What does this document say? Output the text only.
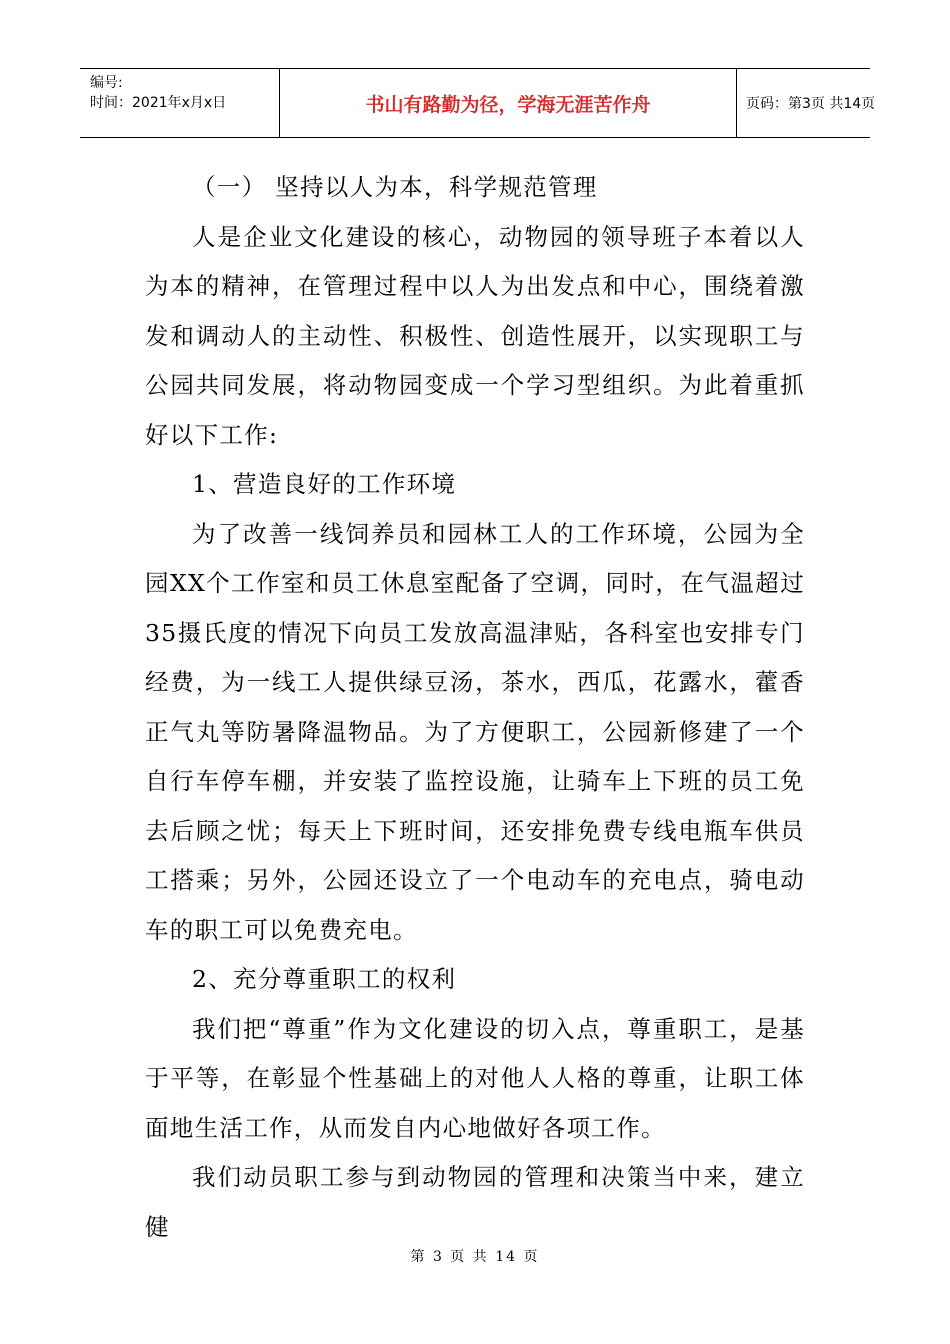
编号:
时间：2021年x月x日	书山有路勤为径，学海无涯苦作舟	页码：第3页 共14页

（一） 坚持以人为本，科学规范管理

人是企业文化建设的核心，动物园的领导班子本着以人为本的精神，在管理过程中以人为出发点和中心，围绕着激发和调动人的主动性、积极性、创造性展开，以实现职工与公园共同发展，将动物园变成一个学习型组织。为此着重抓好以下工作:

1、营造良好的工作环境

为了改善一线饲养员和园林工人的工作环境，公园为全园XX个工作室和员工休息室配备了空调，同时，在气温超过35摄氏度的情况下向员工发放高温津贴，各科室也安排专门经费，为一线工人提供绿豆汤，茶水，西瓜，花露水，藿香正气丸等防暑降温物品。为了方便职工，公园新修建了一个自行车停车棚，并安装了监控设施，让骑车上下班的员工免去后顾之忧；每天上下班时间，还安排免费专线电瓶车供员工搭乘；另外，公园还设立了一个电动车的充电点，骑电动车的职工可以免费充电。

2、充分尊重职工的权利

我们把“尊重”作为文化建设的切入点，尊重职工，是基于平等，在彰显个性基础上的对他人人格的尊重，让职工体面地生活工作，从而发自内心地做好各项工作。

我们动员职工参与到动物园的管理和决策当中来，建立健

第 3 页 共 14 页
